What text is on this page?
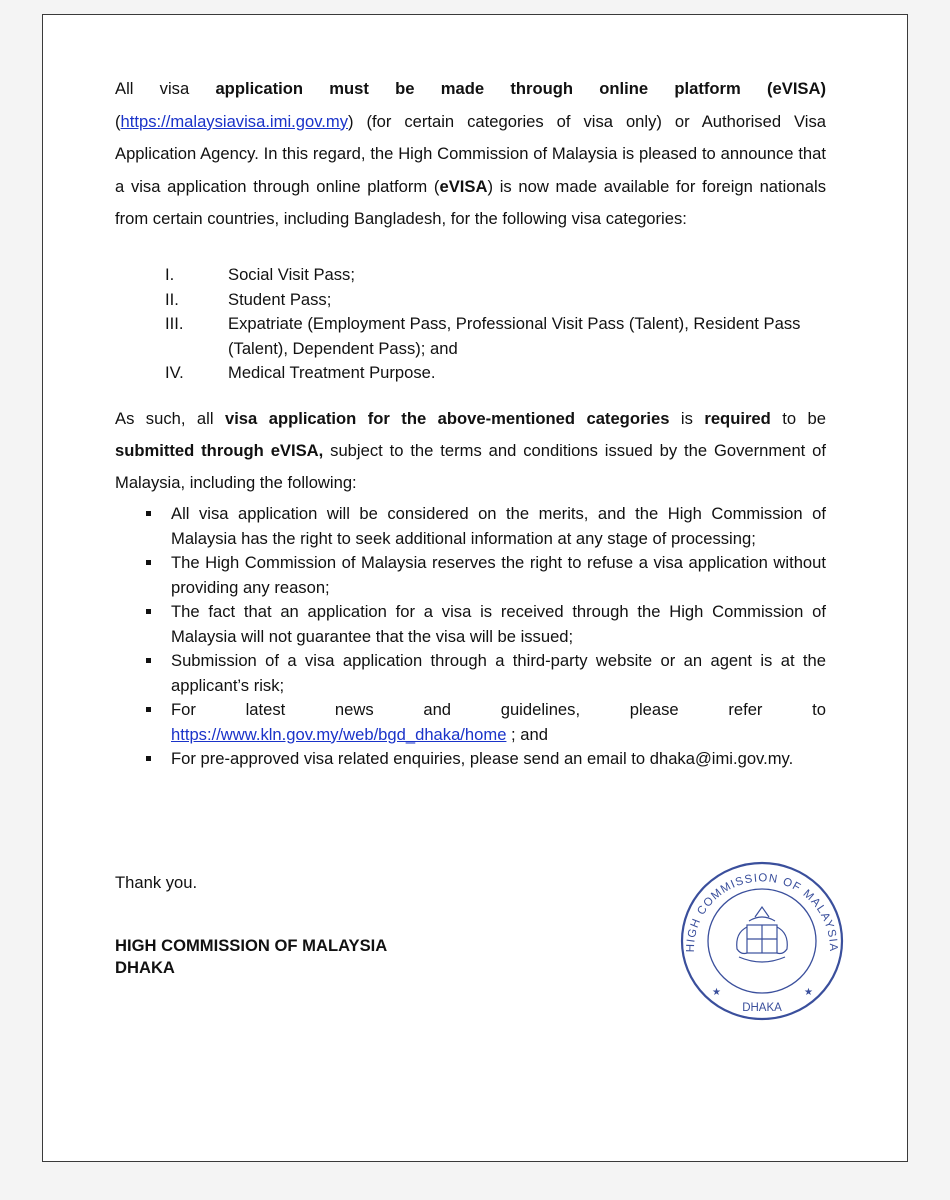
All visa application must be made through online platform (eVISA) (https://malaysiavisa.imi.gov.my) (for certain categories of visa only) or Authorised Visa Application Agency. In this regard, the High Commission of Malaysia is pleased to announce that a visa application through online platform (eVISA) is now made available for foreign nationals from certain countries, including Bangladesh, for the following visa categories:
I.	Social Visit Pass;
II.	Student Pass;
III.	Expatriate (Employment Pass, Professional Visit Pass (Talent), Resident Pass (Talent), Dependent Pass); and
IV.	Medical Treatment Purpose.
As such, all visa application for the above-mentioned categories is required to be submitted through eVISA, subject to the terms and conditions issued by the Government of Malaysia, including the following:
All visa application will be considered on the merits, and the High Commission of Malaysia has the right to seek additional information at any stage of processing;
The High Commission of Malaysia reserves the right to refuse a visa application without providing any reason;
The fact that an application for a visa is received through the High Commission of Malaysia will not guarantee that the visa will be issued;
Submission of a visa application through a third-party website or an agent is at the applicant’s risk;
For latest news and guidelines, please refer to https://www.kln.gov.my/web/bgd_dhaka/home ; and
For pre-approved visa related enquiries, please send an email to dhaka@imi.gov.my.
Thank you.
HIGH COMMISSION OF MALAYSIA
DHAKA
HIGH COMMISSION OF MALAYSIA
DHAKA
★	★
